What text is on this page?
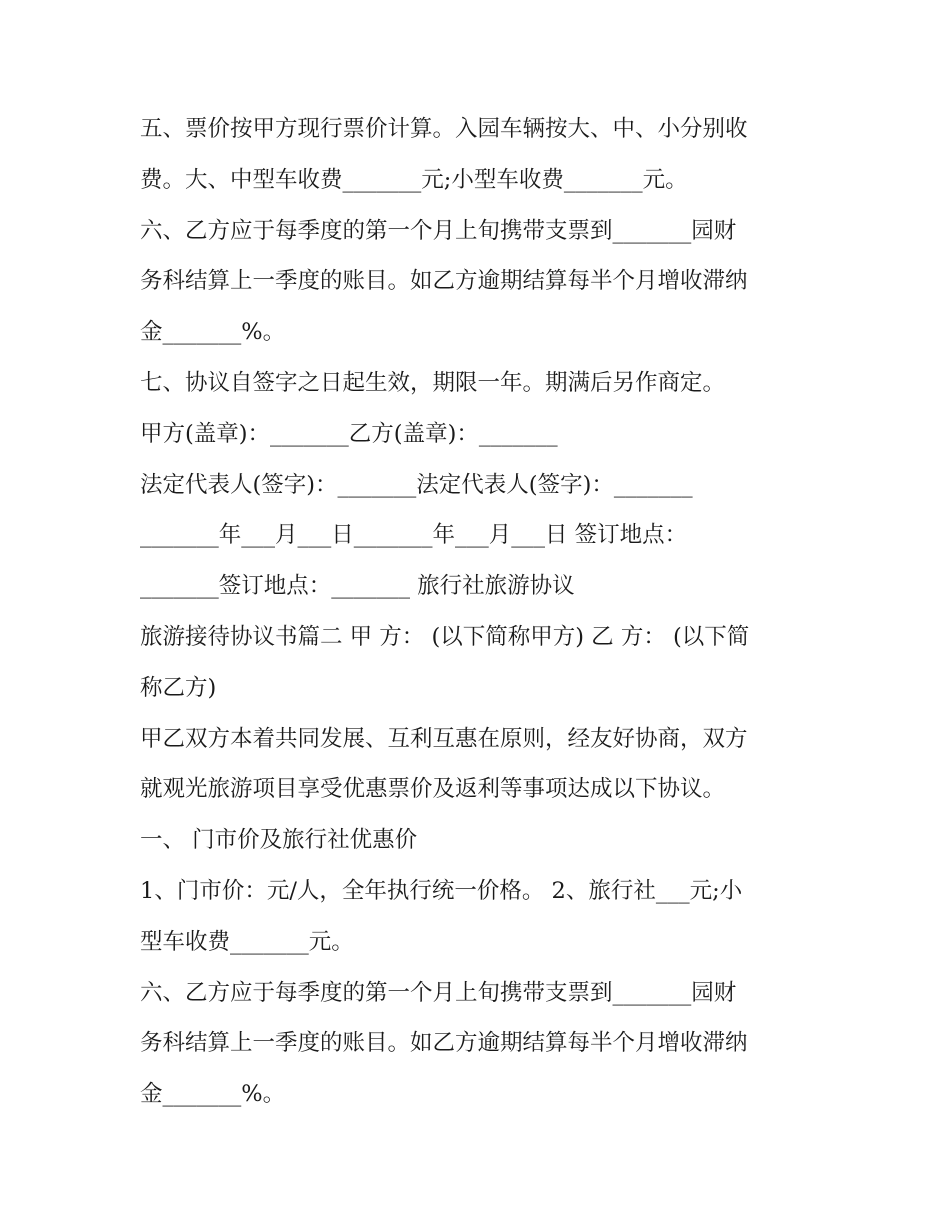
五、票价按甲方现行票价计算。入园车辆按大、中、小分别收
费。大、中型车收费_______元;小型车收费_______元。
六、乙方应于每季度的第一个月上旬携带支票到_______园财
务科结算上一季度的账目。如乙方逾期结算每半个月增收滞纳
金_______%。
七、协议自签字之日起生效，期限一年。期满后另作商定。
甲方(盖章)：_______乙方(盖章)：_______
法定代表人(签字)：_______法定代表人(签字)：_______
_______年___月___日_______年___月___日 签订地点：
_______签订地点：_______ 旅行社旅游协议
旅游接待协议书篇二 甲 方： (以下简称甲方) 乙 方： (以下简
称乙方)
甲乙双方本着共同发展、互利互惠在原则，经友好协商，双方
就观光旅游项目享受优惠票价及返利等事项达成以下协议。
一、 门市价及旅行社优惠价
1、门市价：元/人，全年执行统一价格。 2、旅行社___元;小
型车收费_______元。
六、乙方应于每季度的第一个月上旬携带支票到_______园财
务科结算上一季度的账目。如乙方逾期结算每半个月增收滞纳
金_______%。
